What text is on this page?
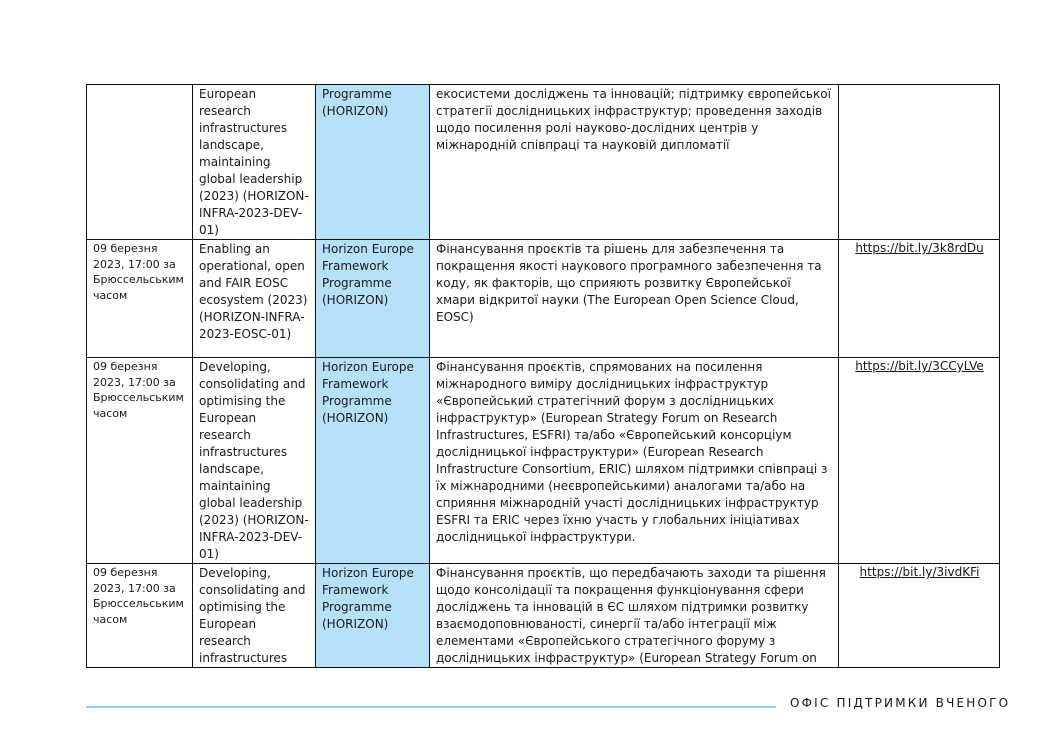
	European research infrastructures landscape, maintaining global leadership (2023) (HORIZON-INFRA-2023-DEV-01)	Programme (HORIZON)	екосистеми досліджень та інновацій; підтримку європейської стратегії дослідницьких інфраструктур; проведення заходів щодо посилення ролі науково-дослідних центрів у міжнародній співпраці та науковій дипломатії	
09 березня 2023, 17:00 за Брюссельським часом	Enabling an operational, open and FAIR EOSC ecosystem (2023) (HORIZON-INFRA-2023-EOSC-01)	Horizon Europe Framework Programme (HORIZON)	Фінансування проєктів та рішень для забезпечення та покращення якості наукового програмного забезпечення та коду, як факторів, що сприяють розвитку Європейської хмари відкритої науки (The European Open Science Cloud, EOSC)	https://bit.ly/3k8rdDu
09 березня 2023, 17:00 за Брюссельським часом	Developing, consolidating and optimising the European research infrastructures landscape, maintaining global leadership (2023) (HORIZON-INFRA-2023-DEV-01)	Horizon Europe Framework Programme (HORIZON)	Фінансування проєктів, спрямованих на посилення міжнародного виміру дослідницьких інфраструктур «Європейський стратегічний форум з дослідницьких інфраструктур» (European Strategy Forum on Research Infrastructures, ESFRI) та/або «Європейський консорціум дослідницької інфраструктури» (European Research Infrastructure Consortium, ERIC) шляхом підтримки співпраці з їх міжнародними (неєвропейськими) аналогами та/або на сприяння міжнародній участі дослідницьких інфраструктур ESFRI та ERIC через їхню участь у глобальних ініціативах дослідницької інфраструктури.	https://bit.ly/3CCyLVe
09 березня 2023, 17:00 за Брюссельським часом	Developing, consolidating and optimising the European research infrastructures	Horizon Europe Framework Programme (HORIZON)	Фінансування проєктів, що передбачають заходи та рішення щодо консолідації та покращення функціонування сфери досліджень та інновацій в ЄС шляхом підтримки розвитку взаємодоповнюваності, синергії та/або інтеграції між елементами «Європейського стратегічного форуму з дослідницьких інфраструктур» (European Strategy Forum on	https://bit.ly/3ivdKFi
ОФІС ПІДТРИМКИ ВЧЕНОГО
